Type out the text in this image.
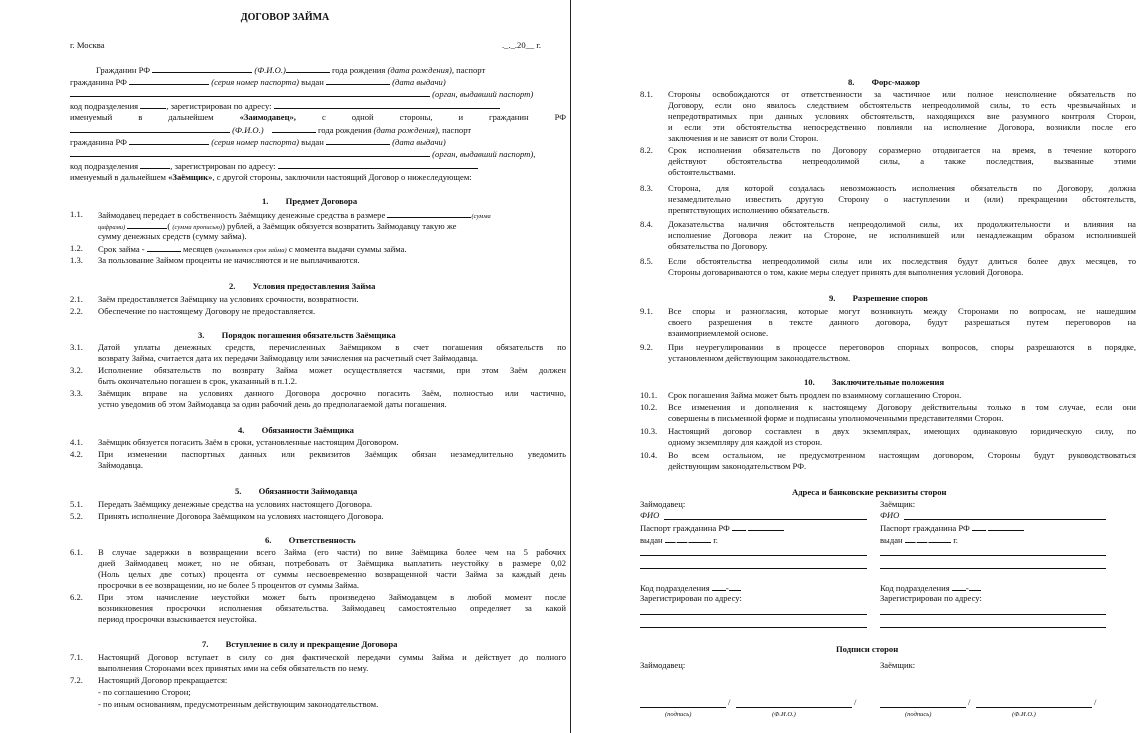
ДОГОВОР ЗАЙМА
г. Москва	._._.20__ г.
Гражданин РФ	(Ф.И.О.)	года рождения (дата рождения), паспорт
гражданина РФ	(серия номер паспорта) выдан	(дата выдачи)
(орган, выдавший паспорт)
код подразделения	, зарегистрирован по адресу:
именуемый	в	дальнейшем	«Заимодавец»,	с	одной	стороны,	и	гражданин	РФ
(Ф.И.О.)	года рождения (дата рождения), паспорт
гражданина РФ	(серия номер паспорта) выдан	(дата выдачи)
(орган, выдавший паспорт),
код подразделения	, зарегистрирован по адресу:
именуемый в дальнейшем «Заёмщик», с другой стороны, заключили настоящий Договор о нижеследующем:
1.        Предмет Договора
1.1. Займодавец передает в собственность Заёмщику денежные средства в размере	(сумма
цифрами)	( (сумма прописью)) рублей, а Заёмщик обязуется возвратить Займодавцу такую же
сумму денежных средств (сумму займа).
1.2. Срок займа -	месяцев (указывается срок займа) с момента выдачи суммы займа.
1.3. За пользование Займом проценты не начисляются и не выплачиваются.
2.        Условия предоставления Займа
2.1. Заём предоставляется Заёмщику на условиях срочности, возвратности.
2.2. Обеспечение по настоящему Договору не предоставляется.
3.        Порядок погашения обязательств Заёмщика
3.1. Датой уплаты денежных средств, перечисленных Заёмщиком в счет погашения обязательств по
возврату Займа, считается дата их передачи Займодавцу или зачисления на расчетный счет Займодавца.
3.2. Исполнение обязательств по возврату Займа может осуществляется частями, при этом Заём должен
быть окончательно погашен в срок, указанный в п.1.2.
3.3. Заёмщик вправе на условиях данного Договора досрочно погасить Заём, полностью или частично,
устно уведомив об этом Займодавца за один рабочий день до предполагаемой даты погашения.
4.        Обязанности Заёмщика
4.1. Заёмщик обязуется погасить Заём в сроки, установленные настоящим Договором.
4.2. При изменении паспортных данных или реквизитов Заёмщик обязан незамедлительно уведомить
Займодавца.
5.        Обязанности Займодавца
5.1. Передать Заёмщику денежные средства на условиях настоящего Договора.
5.2. Принять исполнение Договора Заёмщиком на условиях настоящего Договора.
6.        Ответственность
6.1. В случае задержки в возвращении всего Займа (его части) по вине Заёмщика более чем на 5 рабочих
дней Займодавец может, но не обязан, потребовать от Заёмщика выплатить неустойку в размере 0,02
(Ноль целых две сотых) процента от суммы несвоевременно возвращенной части Займа за каждый день
просрочки в ее возвращении, но не более 5 процентов от суммы Займа.
6.2. При этом начисление неустойки может быть произведено Займодавцем в любой момент после
возникновения просрочки исполнения обязательства. Займодавец самостоятельно определяет за какой
период просрочки взыскивается неустойка.
7.        Вступление в силу и прекращение Договора
7.1. Настоящий Договор вступает в силу со дня фактической передачи суммы Займа и действует до полного
выполнения Сторонами всех принятых ими на себя обязательств по нему.
7.2. Настоящий Договор прекращается:
- по соглашению Сторон;
- по иным основаниям, предусмотренным действующим законодательством.
8.        Форс-мажор
8.1. Стороны освобождаются от ответственности за частичное или полное неисполнение обязательств по
Договору, если оно явилось следствием обстоятельств непреодолимой силы, то есть чрезвычайных и
непредотвратимых при данных условиях обстоятельств, находящихся вне разумного контроля Сторон,
и если эти обстоятельства непосредственно повлияли на исполнение Договора, возникли после его
заключения и не зависят от воли Сторон.
8.2. Срок исполнения обязательств по Договору соразмерно отодвигается на время, в течение которого
действуют обстоятельства непреодолимой силы, а также последствия, вызванные этими
обстоятельствами.
8.3. Сторона, для которой создалась невозможность исполнения обязательств по Договору, должна
незамедлительно известить другую Сторону о наступлении и (или) прекращении обстоятельств,
препятствующих исполнению обязательств.
8.4. Доказательства наличия обстоятельств непреодолимой силы, их продолжительности и влияния на
исполнение Договора лежит на Стороне, не исполнившей или ненадлежащим образом исполнившей
обязательства по Договору.
8.5. Если обстоятельства непреодолимой силы или их последствия будут длиться более двух месяцев, то
Стороны договариваются о том, какие меры следует принять для выполнения условий Договора.
9.        Разрешение споров
9.1. Все споры и разногласия, которые могут возникнуть между Сторонами по вопросам, не нашедшим
своего разрешения в тексте данного договора, будут разрешаться путем переговоров на
взаимоприемлемой основе.
9.2. При неурегулировании в процессе переговоров спорных вопросов, споры разрешаются в порядке,
установленном действующим законодательством.
10.        Заключительные положения
10.1. Срок погашения Займа может быть продлен по взаимному соглашению Сторон.
10.2. Все изменения и дополнения к настоящему Договору действительны только в том случае, если они
совершены в письменной форме и подписаны уполномоченными представителями Сторон.
10.3. Настоящий договор составлен в двух экземплярах, имеющих одинаковую юридическую силу, по
одному экземпляру для каждой из сторон.
10.4. Во всем остальном, не предусмотренном настоящим договором, Стороны будут руководствоваться
действующим законодательством РФ.
Адреса и банковские реквизиты сторон
Займодавец:
ФИО
Паспорт гражданина РФ
выдан . .	г.
Код подразделения -
Зарегистрирован по адресу:
Заёмщик:
ФИО
Паспорт гражданина РФ
выдан . .	г.
Код подразделения -
Зарегистрирован по адресу:
Подписи сторон
Займодавец:	Заёмщик:
/	/
(подпись)	(Ф.И.О.)
/	/
(подпись)	(Ф.И.О.)
